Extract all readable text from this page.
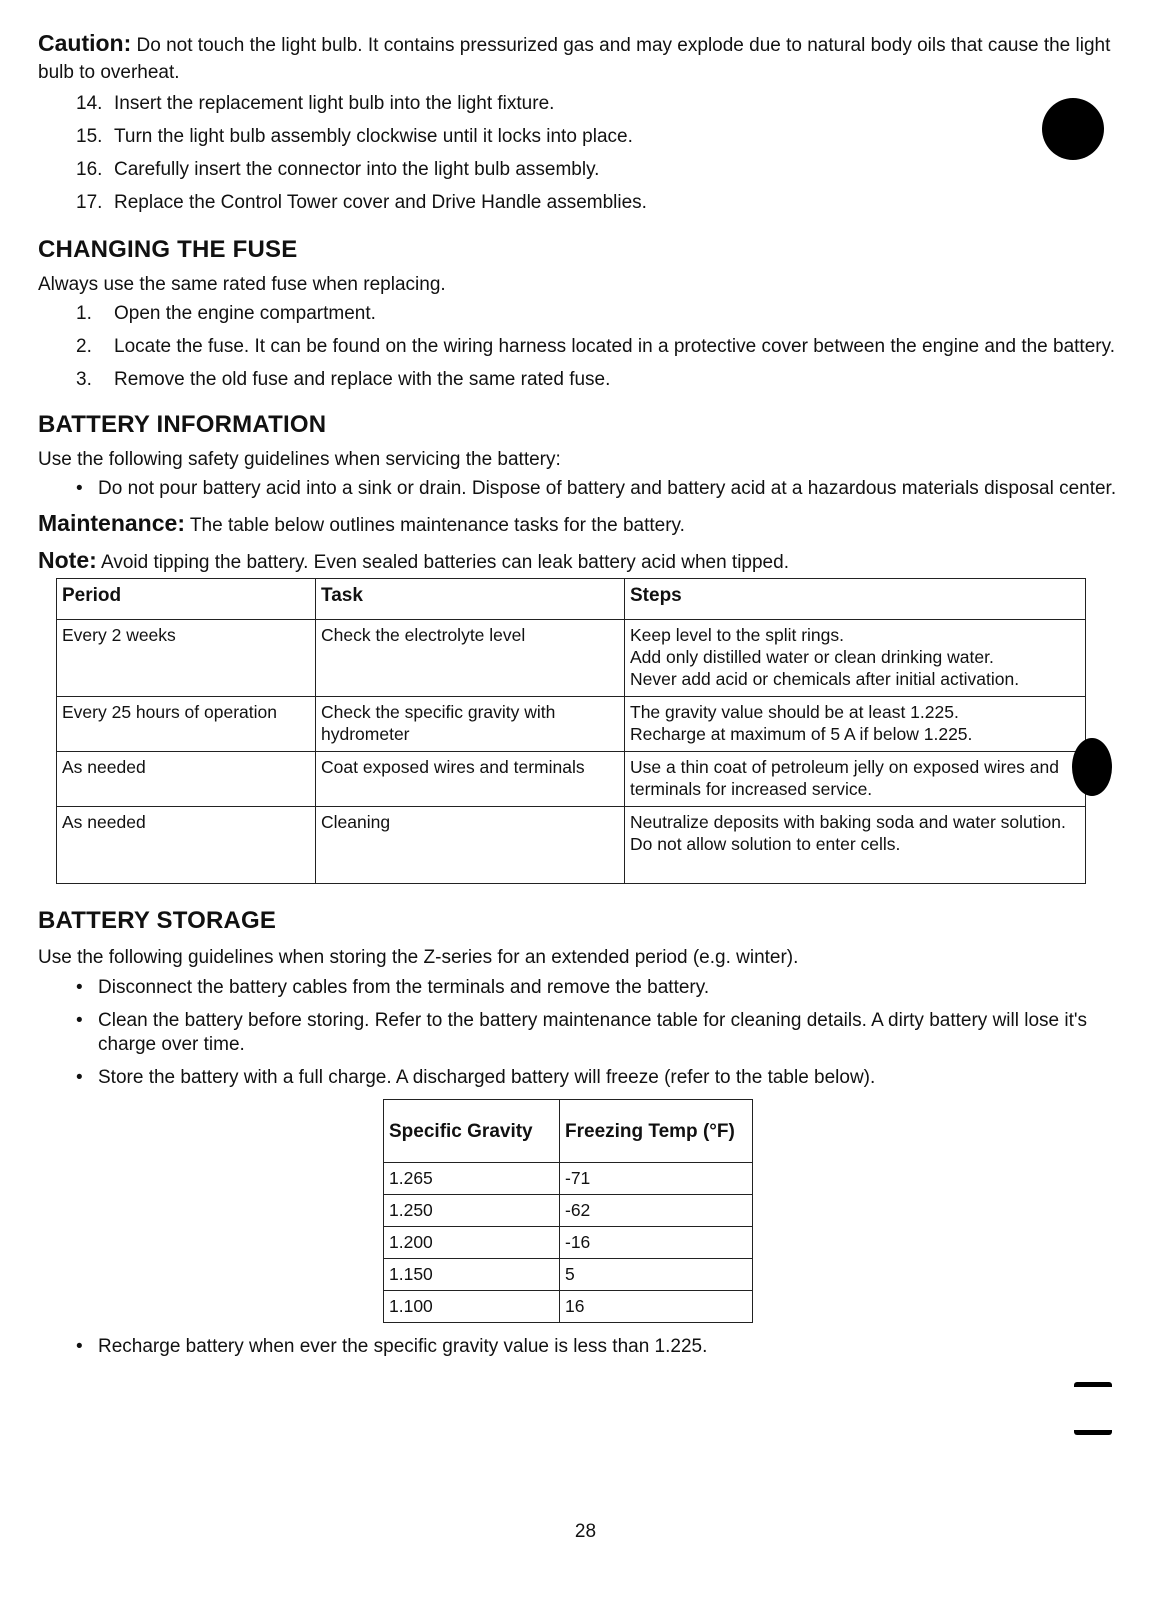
Caution: Do not touch the light bulb. It contains pressurized gas and may explode due to natural body oils that cause the light bulb to overheat.

14. Insert the replacement light bulb into the light fixture.
15. Turn the light bulb assembly clockwise until it locks into place.
16. Carefully insert the connector into the light bulb assembly.
17. Replace the Control Tower cover and Drive Handle assemblies.
CHANGING THE FUSE

Always use the same rated fuse when replacing.

1.	Open the engine compartment.
2.	Locate the fuse. It can be found on the wiring harness located in a protective cover between the engine and the battery.
3.	Remove the old fuse and replace with the same rated fuse.
BATTERY INFORMATION

Use the following safety guidelines when servicing the battery:

• Do not pour battery acid into a sink or drain. Dispose of battery and battery acid at a hazardous materials disposal center.

Maintenance: The table below outlines maintenance tasks for the battery.

Note: Avoid tipping the battery. Even sealed batteries can leak battery acid when tipped.

Period	Task	Steps
Every 2 weeks	Check the electrolyte level	Keep level to the split rings.
Add only distilled water or clean drinking water.
Never add acid or chemicals after initial activation.

Every 25 hours of operation	Check the specific gravity with hydrometer	The gravity value should be at least 1.225.
Recharge at maximum of 5 A if below 1.225.

As needed	Coat exposed wires and terminals	Use a thin coat of petroleum jelly on exposed wires and terminals for increased service.

As needed	Cleaning	Neutralize deposits with baking soda and water solution.
Do not allow solution to enter cells.
BATTERY STORAGE

Use the following guidelines when storing the Z-series for an extended period (e.g. winter).

• Disconnect the battery cables from the terminals and remove the battery.
• Clean the battery before storing. Refer to the battery maintenance table for cleaning details. A dirty battery will lose it's charge over time.
• Store the battery with a full charge. A discharged battery will freeze (refer to the table below).
Specific Gravity	Freezing Temp (°F)
1.265	-71
1.250	-62
1.200	-16
1.150	5
1.100	16
• Recharge battery when ever the specific gravity value is less than 1.225.
28
